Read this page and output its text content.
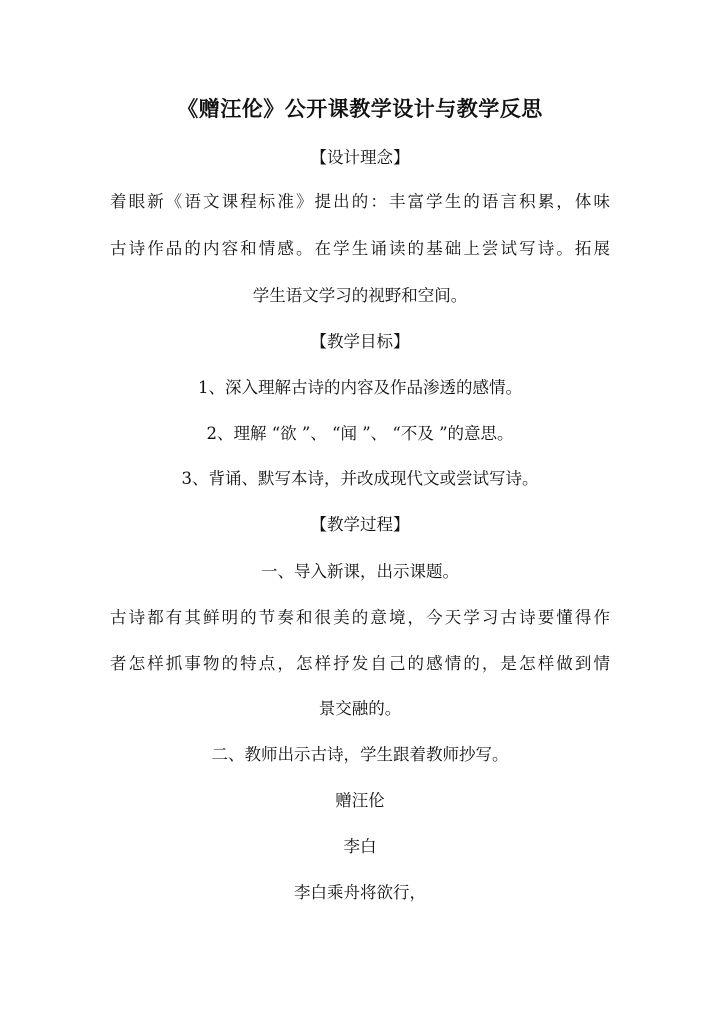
《赠汪伦》公开课教学设计与教学反思
【设计理念】
着眼新《语文课程标准》提出的：丰富学生的语言积累，体味
古诗作品的内容和情感。在学生诵读的基础上尝试写诗。拓展
学生语文学习的视野和空间。
【教学目标】
1、深入理解古诗的内容及作品渗透的感情。
2、理解 “欲 ”、 “闻 ”、 “不及 ”的意思。
3、背诵、默写本诗，并改成现代文或尝试写诗。
【教学过程】
一、导入新课，出示课题。
古诗都有其鲜明的节奏和很美的意境，今天学习古诗要懂得作
者怎样抓事物的特点，怎样抒发自己的感情的，是怎样做到情
景交融的。
二、教师出示古诗，学生跟着教师抄写。
赠汪伦
李白
李白乘舟将欲行，
